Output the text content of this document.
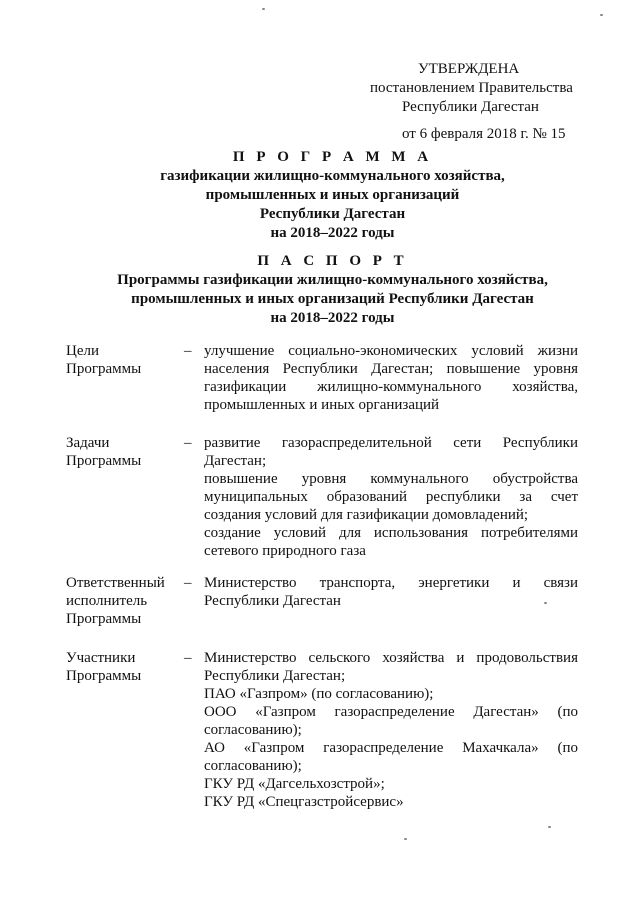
УТВЕРЖДЕНА
постановлением Правительства
Республики Дагестан
от 6 февраля 2018 г. № 15
П Р О Г Р А М М А
газификации жилищно-коммунального хозяйства,
промышленных и иных организаций
Республики Дагестан
на 2018–2022 годы
П А С П О Р Т
Программы газификации жилищно-коммунального хозяйства,
промышленных и иных организаций Республики Дагестан
на 2018–2022 годы
Цели
Программы
– улучшение социально-экономических условий жизни
населения Республики Дагестан; повышение уровня
газификации жилищно-коммунального хозяйства,
промышленных и иных организаций
Задачи
Программы
– развитие газораспределительной сети Республики
Дагестан;
повышение уровня коммунального обустройства
муниципальных образований республики за счет
создания условий для газификации домовладений;
создание условий для использования потребителями
сетевого природного газа
Ответственный
исполнитель
Программы
– Министерство транспорта, энергетики и связи
Республики Дагестан
Участники
Программы
– Министерство сельского хозяйства и продовольствия
Республики Дагестан;
ПАО «Газпром» (по согласованию);
ООО «Газпром газораспределение Дагестан» (по
согласованию);
АО «Газпром газораспределение Махачкала» (по
согласованию);
ГКУ РД «Дагсельхозстрой»;
ГКУ РД «Спецгазстройсервис»
